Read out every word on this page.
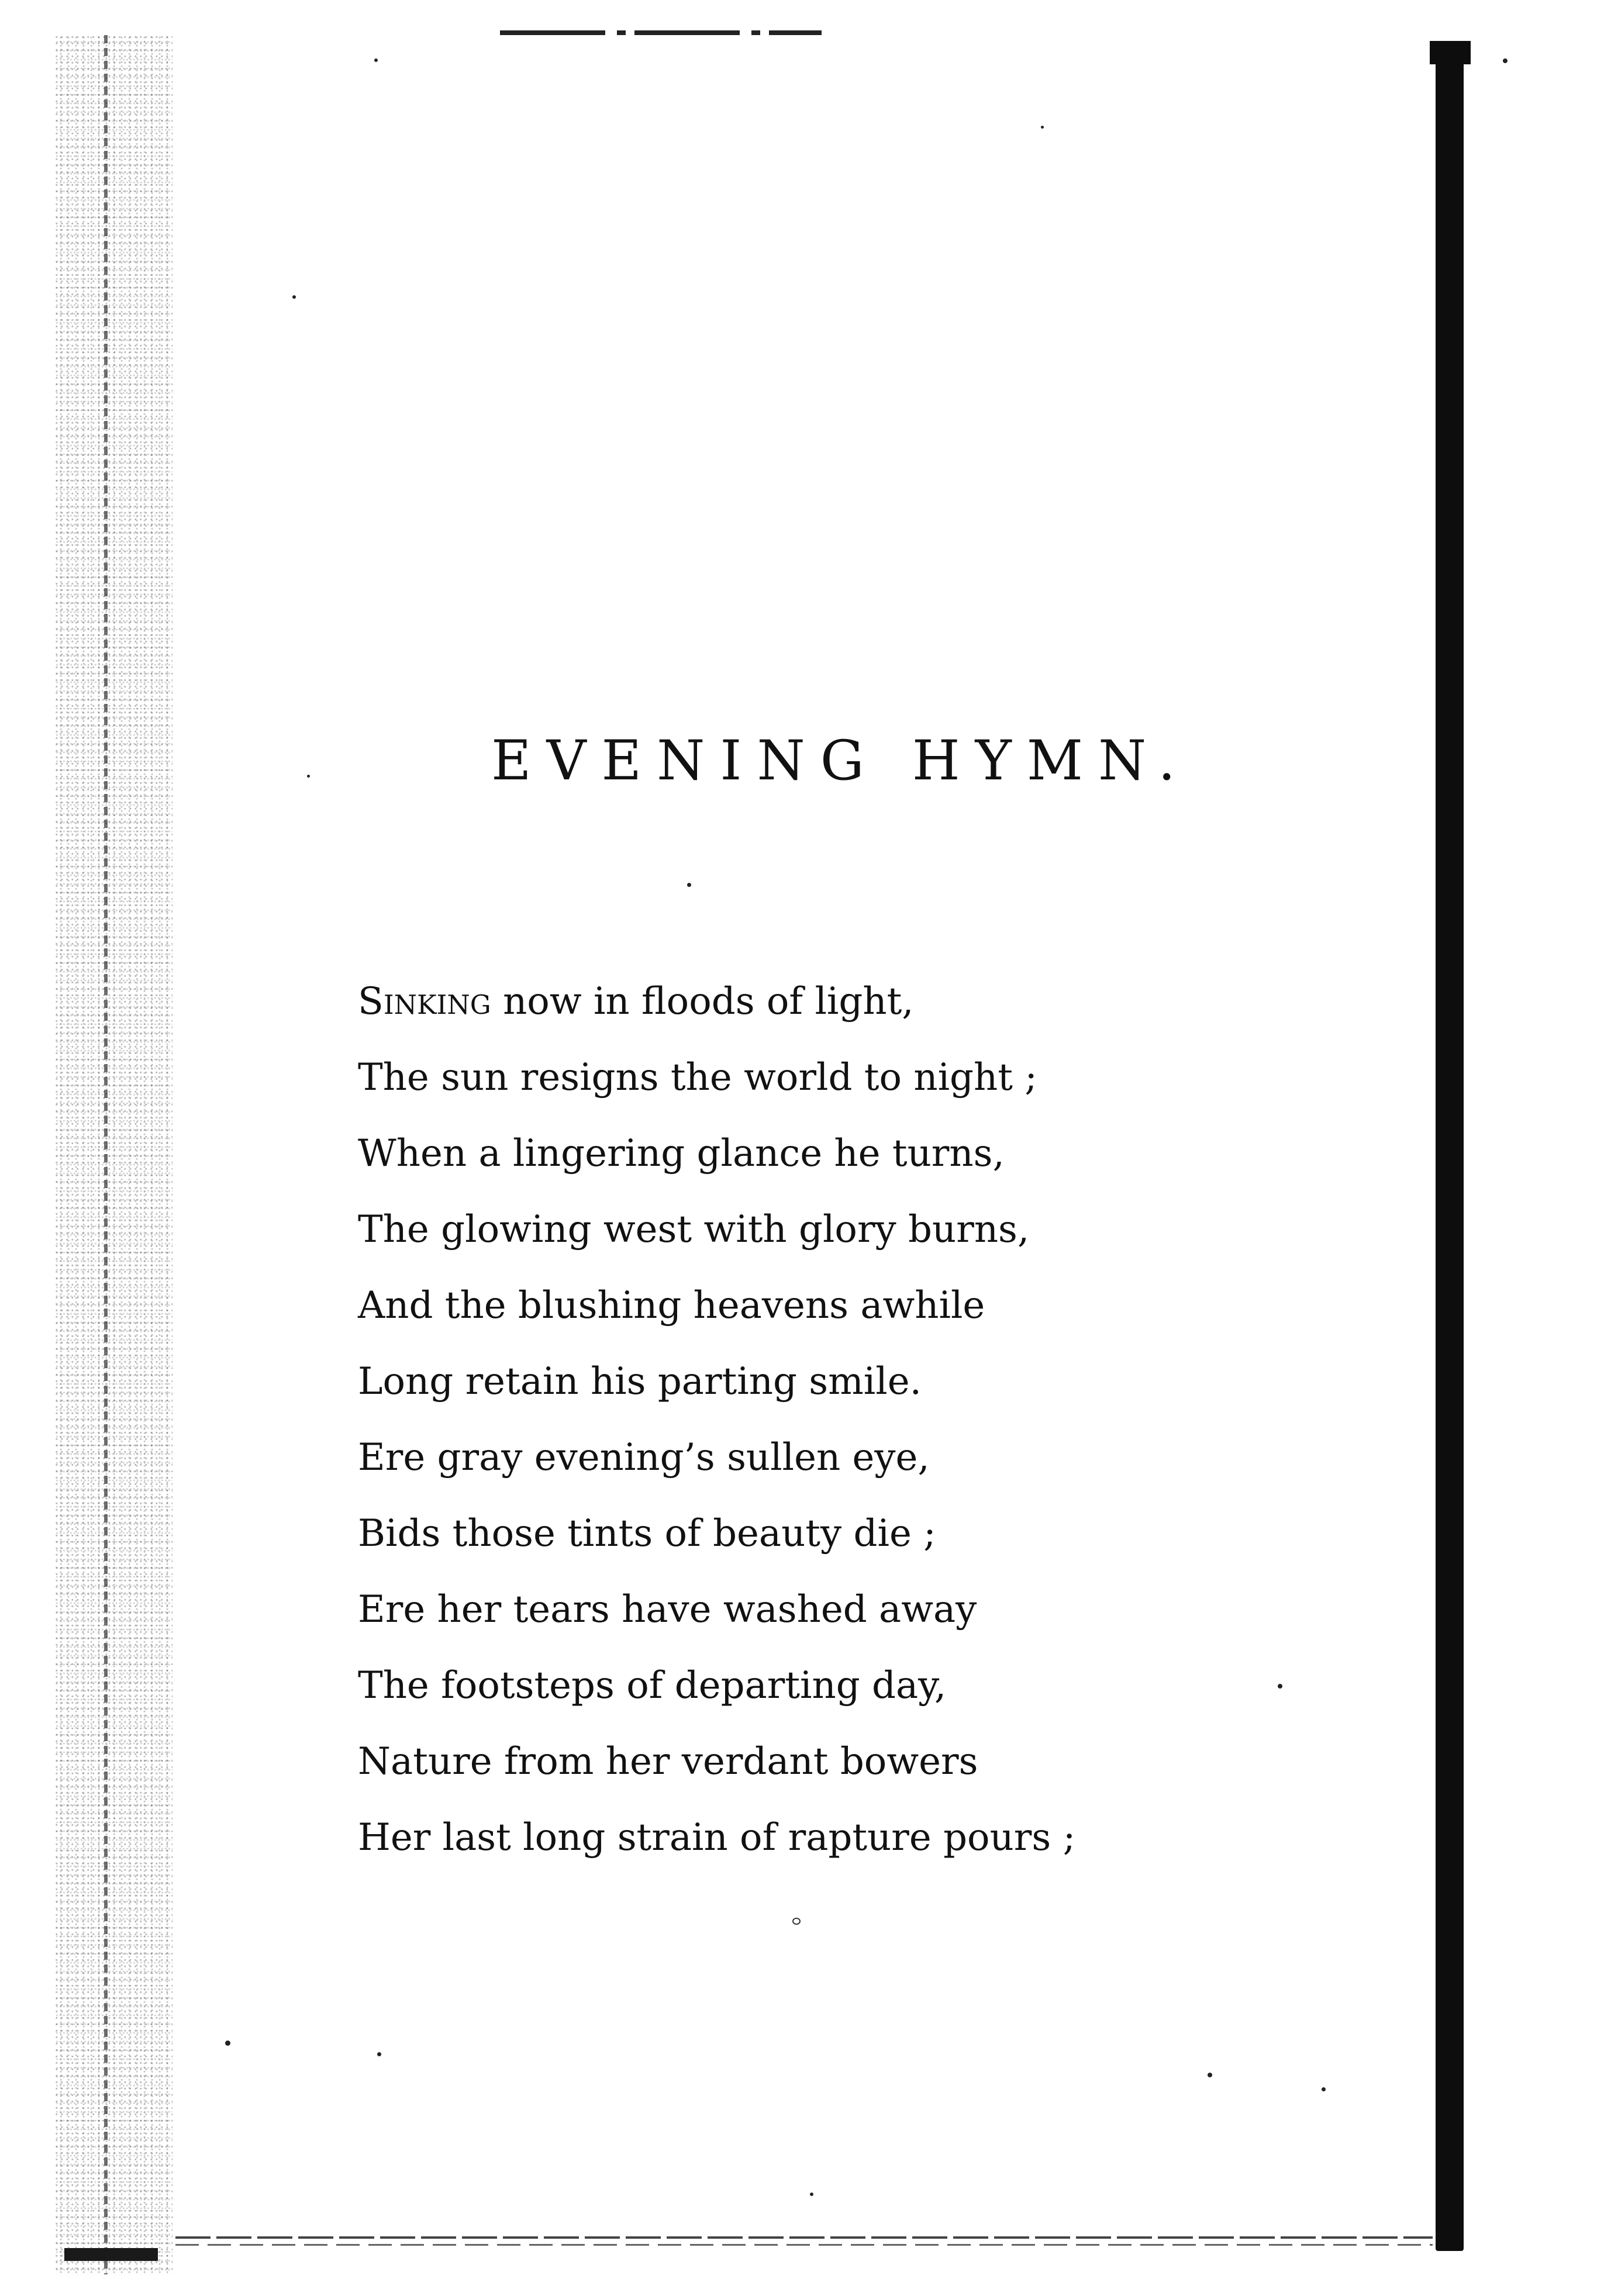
EVENING HYMN.
Sinking now in floods of light,
The sun resigns the world to night ;
When a lingering glance he turns,
The glowing west with glory burns,
And the blushing heavens awhile
Long retain his parting smile.
Ere gray evening’s sullen eye,
Bids those tints of beauty die ;
Ere her tears have washed away
The footsteps of departing day,
Nature from her verdant bowers
Her last long strain of rapture pours ;
